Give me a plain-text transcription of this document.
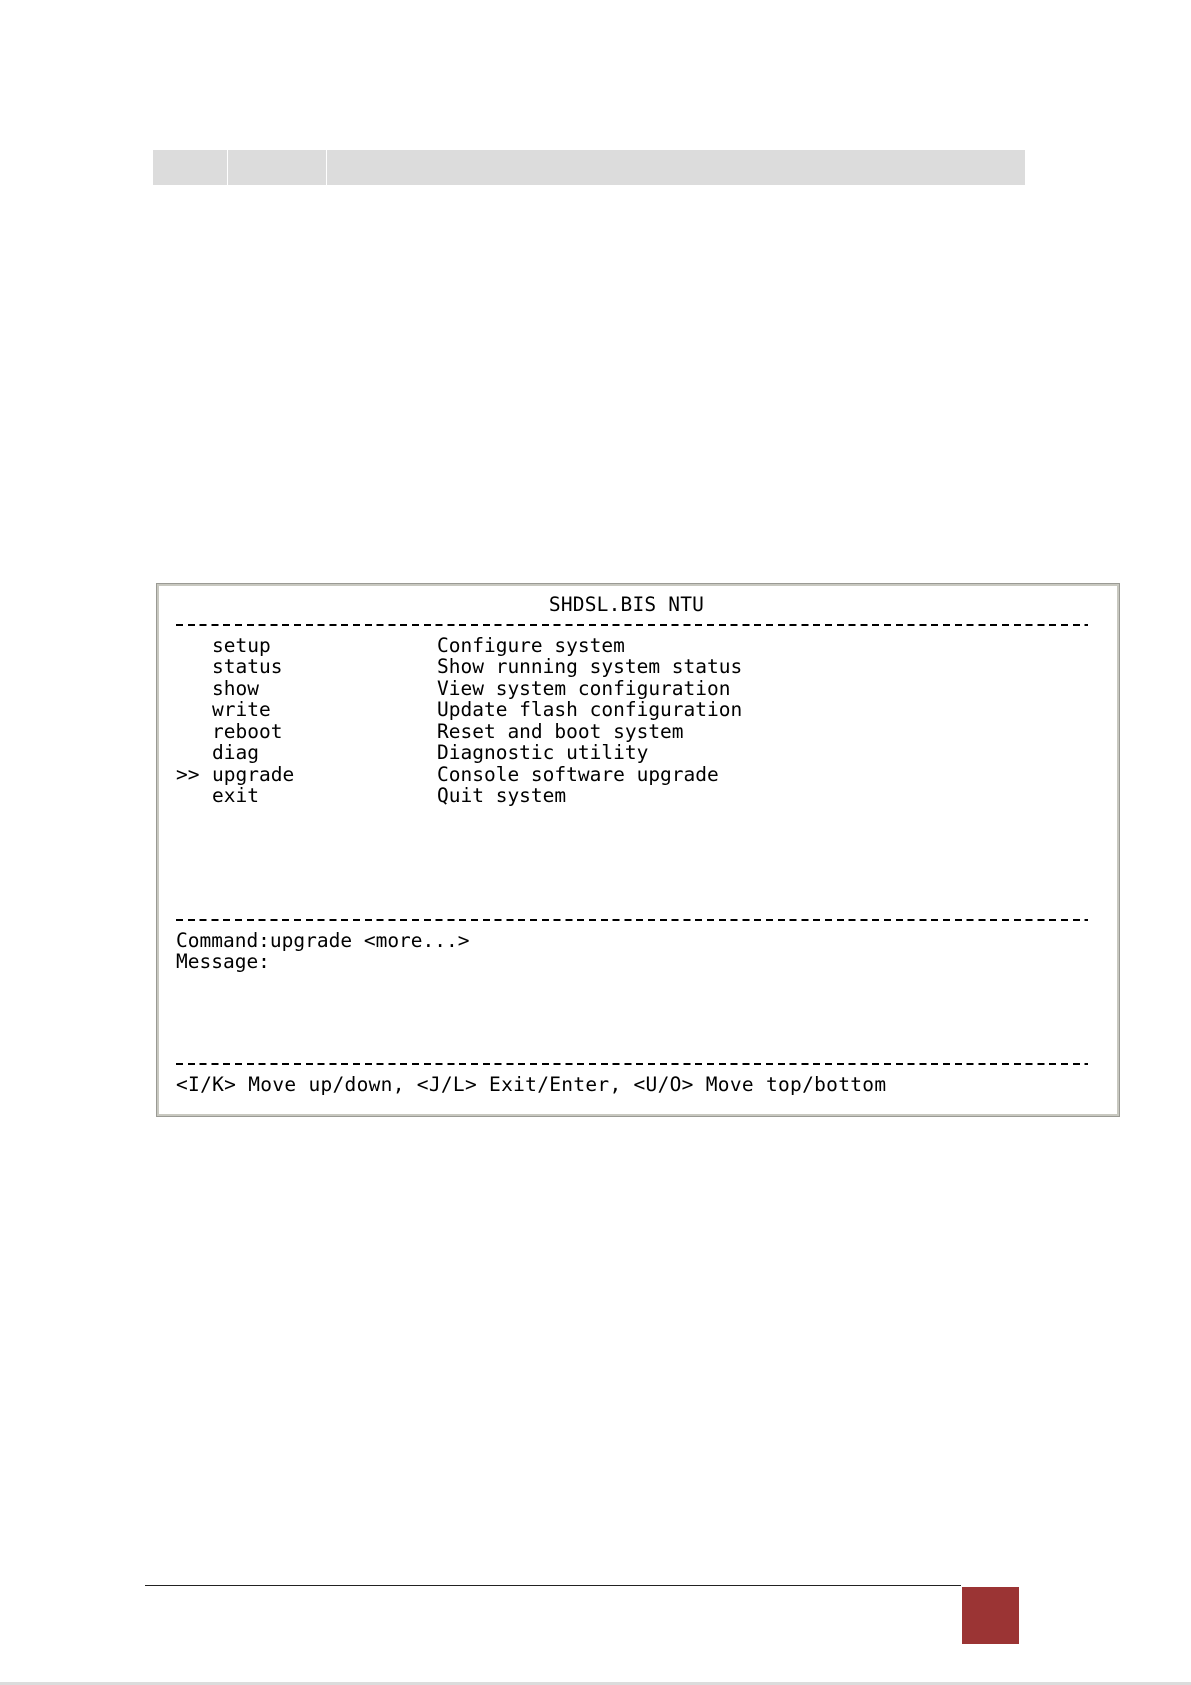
SHDSL.BIS NTU
setup	Configure system
status	Show running system status
show	View system configuration
write	Update flash configuration
reboot	Reset and boot system
diag	Diagnostic utility
>> upgrade	Console software upgrade
exit	Quit system
Command:upgrade <more...>
Message:
<I/K> Move up/down, <J/L> Exit/Enter, <U/O> Move top/bottom
